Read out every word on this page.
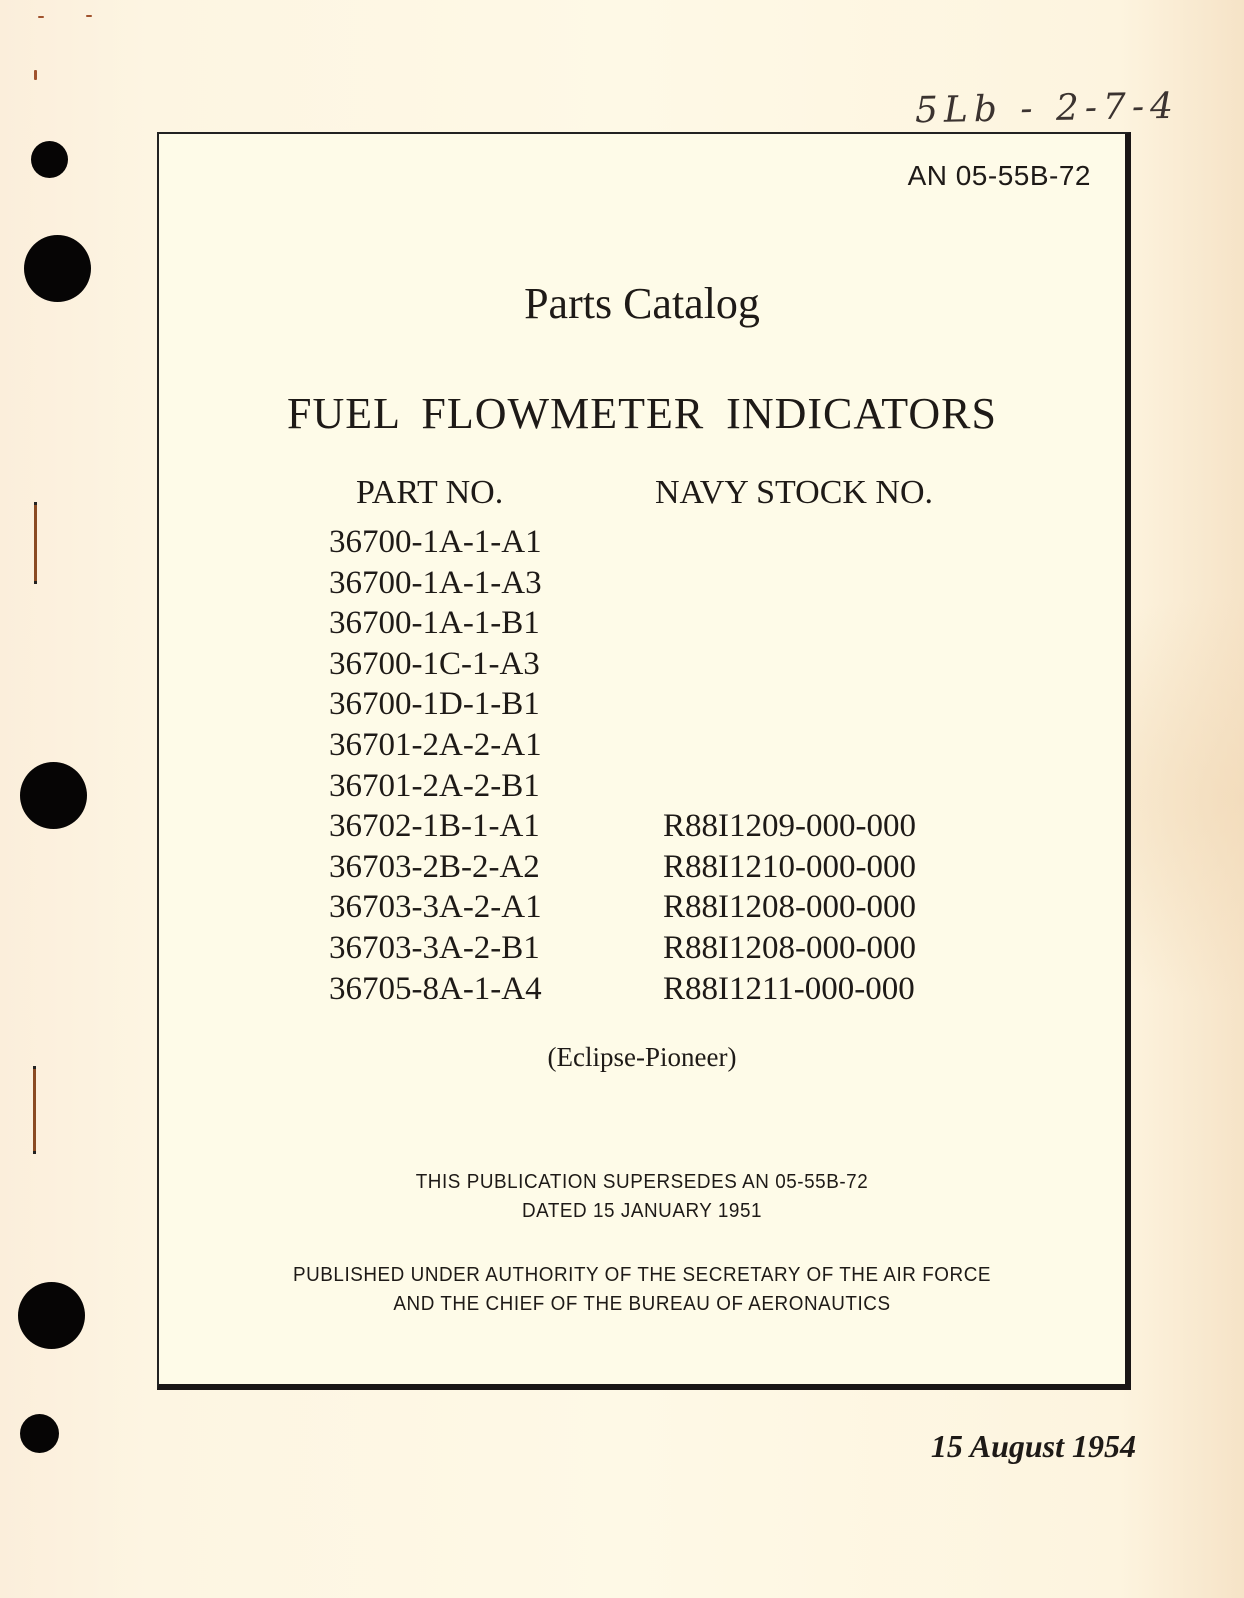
5Lb - 2-7-4
AN 05-55B-72
Parts Catalog
FUEL FLOWMETER INDICATORS
PART NO.	NAVY STOCK NO.
36700-1A-1-A1
36700-1A-1-A3
36700-1A-1-B1
36700-1C-1-A3
36700-1D-1-B1
36701-2A-2-A1
36701-2A-2-B1
36702-1B-1-A1	R88I1209-000-000
36703-2B-2-A2	R88I1210-000-000
36703-3A-2-A1	R88I1208-000-000
36703-3A-2-B1	R88I1208-000-000
36705-8A-1-A4	R88I1211-000-000
(Eclipse-Pioneer)
THIS PUBLICATION SUPERSEDES AN 05-55B-72
DATED 15 JANUARY 1951
PUBLISHED UNDER AUTHORITY OF THE SECRETARY OF THE AIR FORCE
AND THE CHIEF OF THE BUREAU OF AERONAUTICS
15 August 1954
